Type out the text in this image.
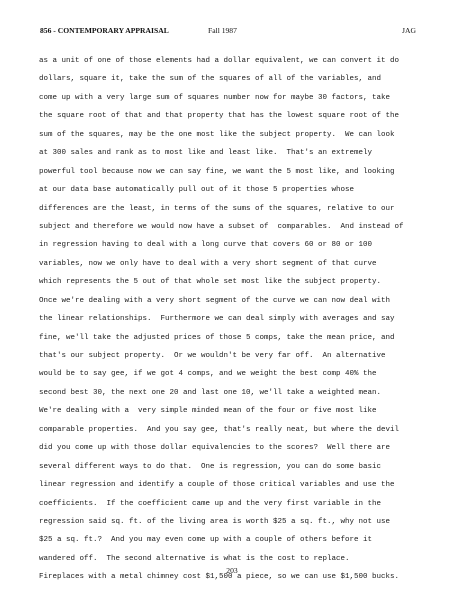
856 - CONTEMPORARY APPRAISAL	Fall 1987	JAG
as a unit of one of those elements had a dollar equivalent, we can convert it do
dollars, square it, take the sum of the squares of all of the variables, and
come up with a very large sum of squares number now for maybe 30 factors, take
the square root of that and that property that has the lowest square root of the
sum of the squares, may be the one most like the subject property.  We can look
at 300 sales and rank as to most like and least like.  That's an extremely
powerful tool because now we can say fine, we want the 5 most like, and looking
at our data base automatically pull out of it those 5 properties whose
differences are the least, in terms of the sums of the squares, relative to our
subject and therefore we would now have a subset of  comparables.  And instead of
in regression having to deal with a long curve that covers 60 or 80 or 100
variables, now we only have to deal with a very short segment of that curve
which represents the 5 out of that whole set most like the subject property.
Once we're dealing with a very short segment of the curve we can now deal with
the linear relationships.  Furthermore we can deal simply with averages and say
fine, we'll take the adjusted prices of those 5 comps, take the mean price, and
that's our subject property.  Or we wouldn't be very far off.  An alternative
would be to say gee, if we got 4 comps, and we weight the best comp 40% the
second best 30, the next one 20 and last one 10, we'll take a weighted mean.
We're dealing with a  very simple minded mean of the four or five most like
comparable properties.  And you say gee, that's really neat, but where the devil
did you come up with those dollar equivalencies to the scores?  Well there are
several different ways to do that.  One is regression, you can do some basic
linear regression and identify a couple of those critical variables and use the
coefficients.  If the coefficient came up and the very first variable in the
regression said sq. ft. of the living area is worth $25 a sq. ft., why not use
$25 a sq. ft.?  And you may even come up with a couple of others before it
wandered off.  The second alternative is what is the cost to replace.
Fireplaces with a metal chimney cost $1,500 a piece, so we can use $1,500 bucks.
203
